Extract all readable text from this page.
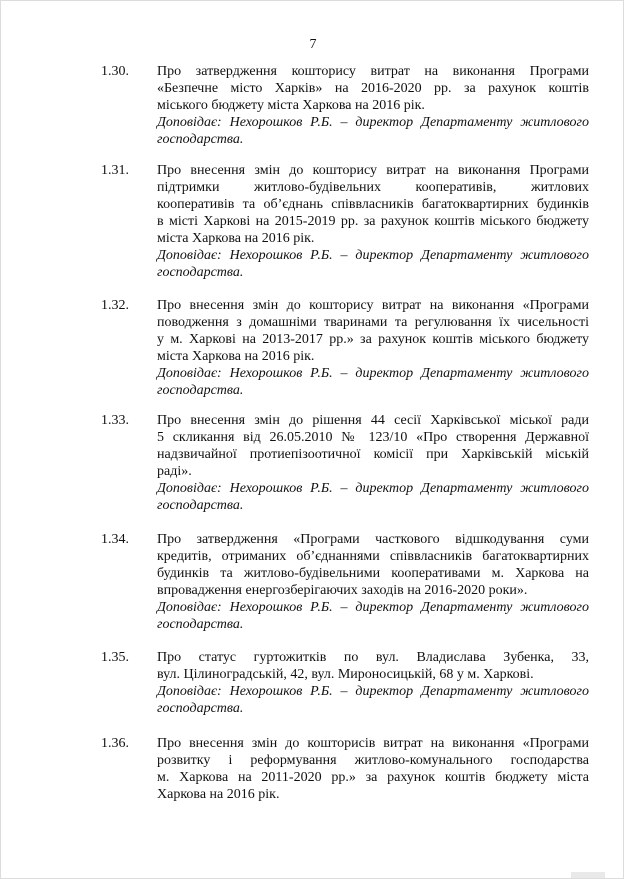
7
1.30. Про затвердження кошторису витрат на виконання Програми
«Безпечне місто Харків» на 2016-2020 рр. за рахунок коштів
міського бюджету міста Харкова на 2016 рік.
Доповідає: Нехорошков Р.Б. – директор Департаменту житлового
господарства.
1.31. Про внесення змін до кошторису витрат на виконання Програми
підтримки житлово-будівельних кооперативів, житлових
кооперативів та об’єднань співвласників багатоквартирних будинків
в місті Харкові на 2015-2019 рр. за рахунок коштів міського бюджету
міста Харкова на 2016 рік.
Доповідає: Нехорошков Р.Б. – директор Департаменту житлового
господарства.
1.32. Про внесення змін до кошторису витрат на виконання «Програми
поводження з домашніми тваринами та регулювання їх чисельності
у м. Харкові на 2013-2017 рр.» за рахунок коштів міського бюджету
міста Харкова на 2016 рік.
Доповідає: Нехорошков Р.Б. – директор Департаменту житлового
господарства.
1.33. Про внесення змін до рішення 44 сесії Харківської міської ради
5 скликання від 26.05.2010 № 123/10 «Про створення Державної
надзвичайної протиепізоотичної комісії при Харківській міській
раді».
Доповідає: Нехорошков Р.Б. – директор Департаменту житлового
господарства.
1.34. Про затвердження «Програми часткового відшкодування суми
кредитів, отриманих об’єднаннями співвласників багатоквартирних
будинків та житлово-будівельними кооперативами м. Харкова на
впровадження енергозберігаючих заходів на 2016-2020 роки».
Доповідає: Нехорошков Р.Б. – директор Департаменту житлового
господарства.
1.35. Про статус гуртожитків по вул. Владислава Зубенка, 33,
вул. Цілиноградській, 42, вул. Мироносицькій, 68 у м. Харкові.
Доповідає: Нехорошков Р.Б. – директор Департаменту житлового
господарства.
1.36. Про внесення змін до кошторисів витрат на виконання «Програми
розвитку і реформування житлово-комунального господарства
м. Харкова на 2011-2020 рр.» за рахунок коштів бюджету міста
Харкова на 2016 рік.
